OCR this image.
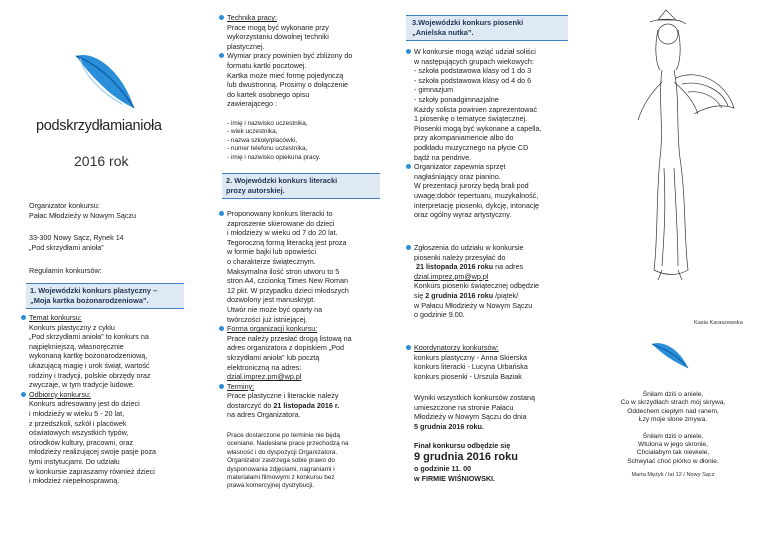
podskrzydłamianioła
2016 rok
Organizator konkursu:
Pałac Młodzieży w Nowym Sączu
33-300 Nowy Sącz, Rynek 14
„Pod skrzydłami anioła”
Regulamin konkursów:
1. Wojewódzki konkurs plastyczny –
„Moja kartka bożonarodzeniowa”.
Temat konkursu:
Konkurs plastyczny z cyklu
„Pod skrzydłami anioła” to konkurs na
najpiękniejszą, własnoręcznie
wykonaną kartkę bożonarodzeniową,
ukazującą magię i urok świąt, wartość
rodziny i tradycji, polskie obrzędy oraz
zwyczaje, w tym tradycje ludowe.
Odbiorcy konkursu:
Konkurs adresowany jest do dzieci
i młodzieży w wieku 5 - 20 lat,
z przedszkoli, szkół i placówek
oświatowych wszystkich typów,
ośrodków kultury, pracowni, oraz
młodzieży realizującej swoje pasje poza
tymi instytucjami. Do udziału
w konkursie zapraszamy również dzieci
i młodzież niepełnosprawną.
Technika pracy:
Prace mogą być wykonane przy
wykorzystaniu dowolnej techniki
plastycznej.
Wymiar pracy powinien być zbliżony do
formatu kartki pocztowej.
Kartka może mieć formę pojedynczą
lub dwustronną. Prosimy o dołączenie
do kartek osobnego opisu
zawierającego :
- imię i nazwisko uczestnika,
- wiek uczestnika,
- nazwa szkoły/placówki,
- numer telefonu uczestnika,
- imię i nazwisko opiekuna pracy.
2. Wojewódzki konkurs literacki
prozy autorskiej.
Proponowany konkurs literacki to
zaproszenie skierowane do dzieci
i młodzieży w wieku od 7 do 20 lat.
Tegoroczną formą literacką jest proza
w formie bajki lub opowieści
o charakterze świątecznym.
Maksymalna ilość stron utworu to 5
stron A4, czcionką Times New Roman
12 pkt. W przypadku dzieci młodszych
dozwolony jest manuskrypt.
Utwór nie może być oparty na
twórczości już istniejącej.
Forma organizacji konkursu:
Prace należy przesłać drogą listową na
adres organizatora z dopiskiem „Pod
skrzydłami anioła” lub pocztą
elektroniczną na adres:
dzial.imprez.pm@wp.pl
Terminy:
Prace plastyczne i literackie należy
dostarczyć do 21 listopada 2016 r.
na adres Organizatora.
Prace dostarczone po terminie nie będą
oceniane. Nadesłane prace przechodzą na
własność i do dyspozycji Organizatora.
Organizator zastrzega sobie prawo do
dysponowania zdjęciami, nagraniami i
materiałami filmowymi z konkursu bez
prawa komercyjnej dystrybucji.
3.Wojewódzki konkurs piosenki
„Anielska nutka”.
W konkursie mogą wziąć udział soliści
w następujących grupach wiekowych:
- szkoła podstawowa klasy od 1 do 3
- szkoła podstawowa klasy od 4 do 6
- gimnazjum
- szkoły ponadgimnazjalne
Każdy solista powinien zaprezentować
1 piosenkę o tematyce świątecznej.
Piosenki mogą być wykonane a capella,
przy akompaniamencie albo do
podkładu muzycznego na płycie CD
bądź na pendrive.
Organizator zapewnia sprzęt
nagłaśniający oraz pianino.
W prezentacji jurorzy będą brali pod
uwagę:dobór repertuaru, muzykalność,
interpretację piosenki, dykcję, intonację
oraz ogólny wyraz artystyczny.
Zgłoszenia do udziału w konkursie
piosenki należy przesyłać do
21 listopada 2016 roku na adres
dzial.imprez.pm@wp.pl
Konkurs piosenki świątecznej odbędzie
się 2 grudnia 2016 roku /piątek/
w Pałacu Młodzieży w Nowym Sączu
o godzinie 9.00.
Koordynatorzy konkursów:
konkurs plastyczny - Anna Skierska
konkurs literacki - Lucyna Urbańska
konkurs piosenki - Urszula Baziak
Wyniki wszystkich konkursów zostaną
umieszczone na stronie Pałacu
Młodzieży w Nowym Sączu do dnia
5 grudnia 2016 roku.
Finał konkursu odbędzie się
9 grudnia 2016 roku
o godzinie 11. 00
w FIRMIE WIŚNIOWSKI.
Kasia Karaszewska
Śniłam dziś o aniele,
Co w skrzydłach strach mój skrywa,
Oddechem ciepłym nad ranem,
Łzy moje słone zmywa.
Śniłam dziś o aniele,
Wtulona w jego skronie,
Chciałabym tak niewiele,
Schwytać choć piórko w dłonie.
Marta Mężyk / lat 12 / Nowy Sącz
